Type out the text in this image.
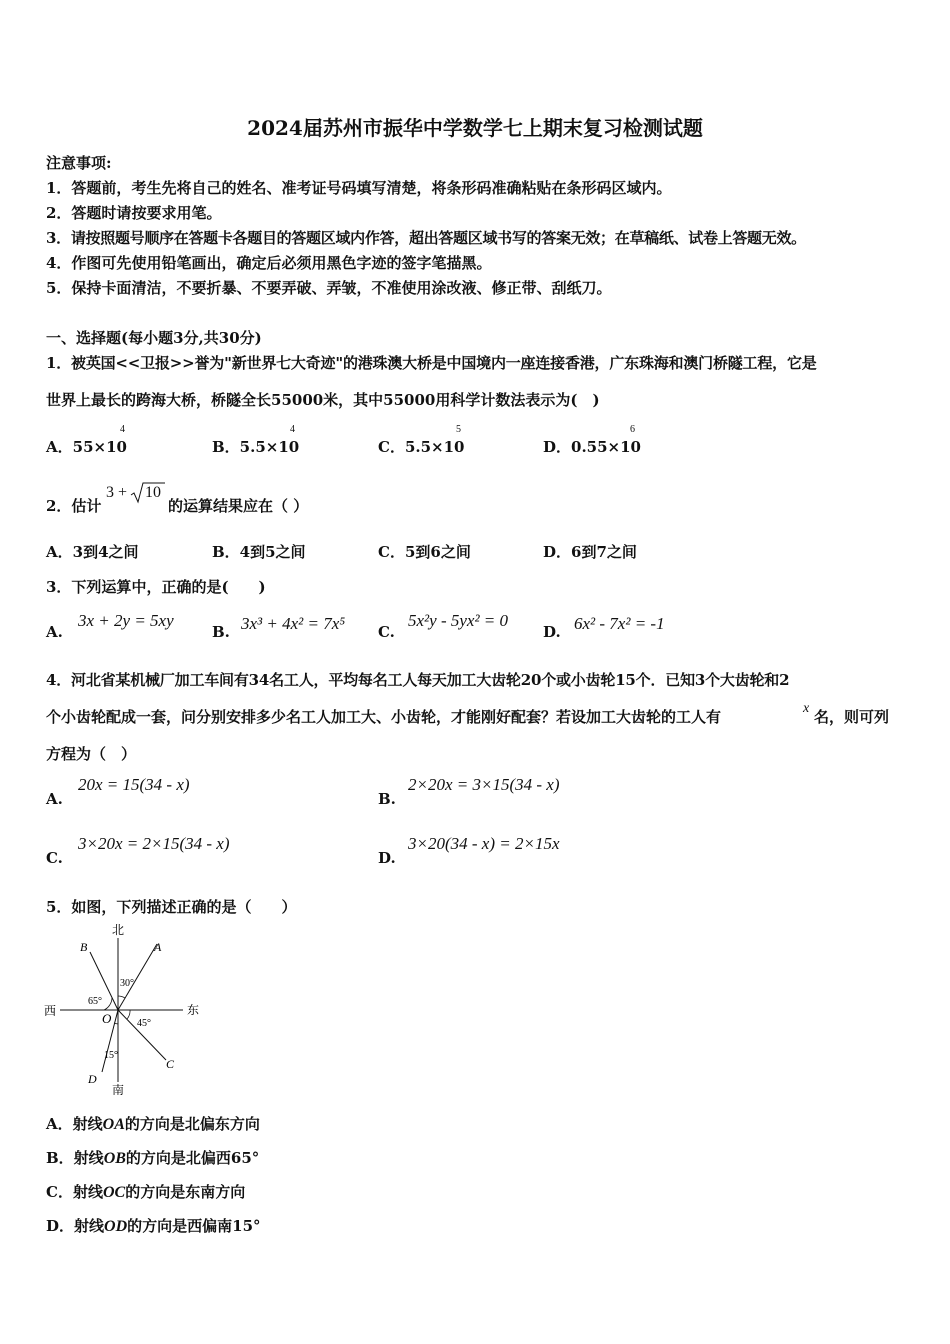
2024届苏州市振华中学数学七上期末复习检测试题
注意事项:
1．答题前，考生先将自己的姓名、准考证号码填写清楚，将条形码准确粘贴在条形码区域内。
2．答题时请按要求用笔。
3．请按照题号顺序在答题卡各题目的答题区域内作答，超出答题区域书写的答案无效；在草稿纸、试卷上答题无效。
4．作图可先使用铅笔画出，确定后必须用黑色字迹的签字笔描黑。
5．保持卡面清洁，不要折暴、不要弄破、弄皱，不准使用涂改液、修正带、刮纸刀。
一、选择题(每小题3分,共30分)
1．被英国<<卫报>>誉为"新世界七大奇迹"的港珠澳大桥是中国境内一座连接香港，广东珠海和澳门桥隧工程，它是
世界上最长的跨海大桥，桥隧全长55000米，其中55000用科学计数法表示为(　)
A．55×10
4
B．5.5×10
4
C．5.5×10
5
D．0.55×10
6
2．估计
3 + 10
的运算结果应在（ ）
A．3到4之间	B．4到5之间	C．5到6之间	D．6到7之间
3．下列运算中，正确的是(　　)
A.
3x + 2y = 5xy
B. 3x³ + 4x² = 7x⁵ C.
5x²y - 5yx² = 0
D. 6x² - 7x² = -1
4．河北省某机械厂加工车间有34名工人，平均每名工人每天加工大齿轮20个或小齿轮15个．已知3个大齿轮和2
个小齿轮配成一套，问分别安排多少名工人加工大、小齿轮，才能刚好配套？若设加工大齿轮的工人有	x 名，则可列
方程为（　）
A.
20x = 15(34 - x)
B.
2×20x = 3×15(34 - x)
C.
3×20x = 2×15(34 - x)
D.
3×20(34 - x) = 2×15x
5．如图，下列描述正确的是（　　）
北
南
西	东
O
A
B
C
D
30°
65°
45°
15°
A．射线OA的方向是北偏东方向
B．射线OB的方向是北偏西65°
C．射线OC的方向是东南方向
D．射线OD的方向是西偏南15°
